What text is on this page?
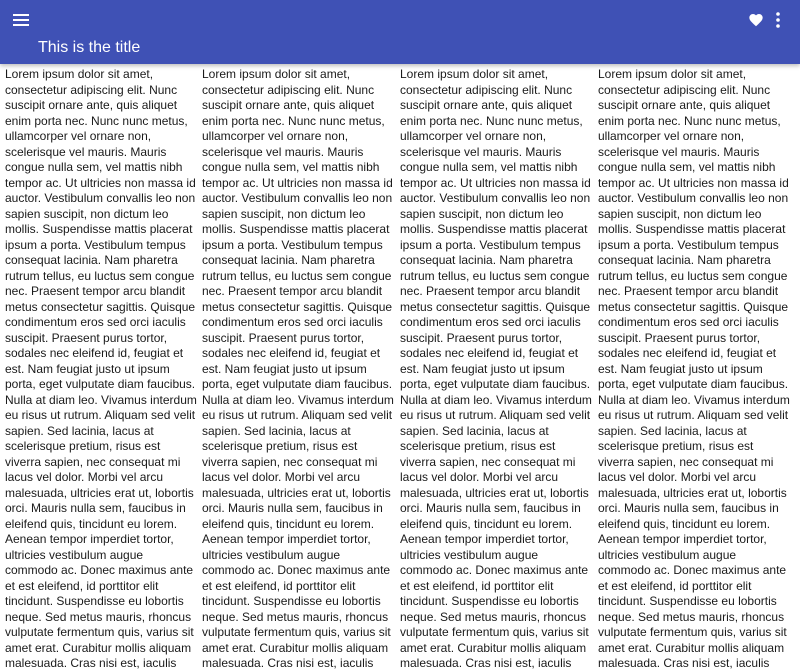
This is the title
Lorem ipsum dolor sit amet, consectetur adipiscing elit. Nunc suscipit ornare ante, quis aliquet enim porta nec. Nunc nunc metus, ullamcorper vel ornare non, scelerisque vel mauris. Mauris congue nulla sem, vel mattis nibh tempor ac. Ut ultricies non massa id auctor. Vestibulum convallis leo non sapien suscipit, non dictum leo mollis. Suspendisse mattis placerat ipsum a porta. Vestibulum tempus consequat lacinia. Nam pharetra rutrum tellus, eu luctus sem congue nec. Praesent tempor arcu blandit metus consectetur sagittis. Quisque condimentum eros sed orci iaculis suscipit. Praesent purus tortor, sodales nec eleifend id, feugiat et est. Nam feugiat justo ut ipsum porta, eget vulputate diam faucibus. Nulla at diam leo. Vivamus interdum eu risus ut rutrum. Aliquam sed velit sapien. Sed lacinia, lacus at scelerisque pretium, risus est viverra sapien, nec consequat mi lacus vel dolor. Morbi vel arcu malesuada, ultricies erat ut, lobortis orci. Mauris nulla sem, faucibus in eleifend quis, tincidunt eu lorem. Aenean tempor imperdiet tortor, ultricies vestibulum augue commodo ac. Donec maximus ante et est eleifend, id porttitor elit tincidunt. Suspendisse eu lobortis neque. Sed metus mauris, rhoncus vulputate fermentum quis, varius sit amet erat. Curabitur mollis aliquam malesuada. Cras nisi est, iaculis
Lorem ipsum dolor sit amet, consectetur adipiscing elit. Nunc suscipit ornare ante, quis aliquet enim porta nec. Nunc nunc metus, ullamcorper vel ornare non, scelerisque vel mauris. Mauris congue nulla sem, vel mattis nibh tempor ac. Ut ultricies non massa id auctor. Vestibulum convallis leo non sapien suscipit, non dictum leo mollis. Suspendisse mattis placerat ipsum a porta. Vestibulum tempus consequat lacinia. Nam pharetra rutrum tellus, eu luctus sem congue nec. Praesent tempor arcu blandit metus consectetur sagittis. Quisque condimentum eros sed orci iaculis suscipit. Praesent purus tortor, sodales nec eleifend id, feugiat et est. Nam feugiat justo ut ipsum porta, eget vulputate diam faucibus. Nulla at diam leo. Vivamus interdum eu risus ut rutrum. Aliquam sed velit sapien. Sed lacinia, lacus at scelerisque pretium, risus est viverra sapien, nec consequat mi lacus vel dolor. Morbi vel arcu malesuada, ultricies erat ut, lobortis orci. Mauris nulla sem, faucibus in eleifend quis, tincidunt eu lorem. Aenean tempor imperdiet tortor, ultricies vestibulum augue commodo ac. Donec maximus ante et est eleifend, id porttitor elit tincidunt. Suspendisse eu lobortis neque. Sed metus mauris, rhoncus vulputate fermentum quis, varius sit amet erat. Curabitur mollis aliquam malesuada. Cras nisi est, iaculis
Lorem ipsum dolor sit amet, consectetur adipiscing elit. Nunc suscipit ornare ante, quis aliquet enim porta nec. Nunc nunc metus, ullamcorper vel ornare non, scelerisque vel mauris. Mauris congue nulla sem, vel mattis nibh tempor ac. Ut ultricies non massa id auctor. Vestibulum convallis leo non sapien suscipit, non dictum leo mollis. Suspendisse mattis placerat ipsum a porta. Vestibulum tempus consequat lacinia. Nam pharetra rutrum tellus, eu luctus sem congue nec. Praesent tempor arcu blandit metus consectetur sagittis. Quisque condimentum eros sed orci iaculis suscipit. Praesent purus tortor, sodales nec eleifend id, feugiat et est. Nam feugiat justo ut ipsum porta, eget vulputate diam faucibus. Nulla at diam leo. Vivamus interdum eu risus ut rutrum. Aliquam sed velit sapien. Sed lacinia, lacus at scelerisque pretium, risus est viverra sapien, nec consequat mi lacus vel dolor. Morbi vel arcu malesuada, ultricies erat ut, lobortis orci. Mauris nulla sem, faucibus in eleifend quis, tincidunt eu lorem. Aenean tempor imperdiet tortor, ultricies vestibulum augue commodo ac. Donec maximus ante et est eleifend, id porttitor elit tincidunt. Suspendisse eu lobortis neque. Sed metus mauris, rhoncus vulputate fermentum quis, varius sit amet erat. Curabitur mollis aliquam malesuada. Cras nisi est, iaculis
Lorem ipsum dolor sit amet, consectetur adipiscing elit. Nunc suscipit ornare ante, quis aliquet enim porta nec. Nunc nunc metus, ullamcorper vel ornare non, scelerisque vel mauris. Mauris congue nulla sem, vel mattis nibh tempor ac. Ut ultricies non massa id auctor. Vestibulum convallis leo non sapien suscipit, non dictum leo mollis. Suspendisse mattis placerat ipsum a porta. Vestibulum tempus consequat lacinia. Nam pharetra rutrum tellus, eu luctus sem congue nec. Praesent tempor arcu blandit metus consectetur sagittis. Quisque condimentum eros sed orci iaculis suscipit. Praesent purus tortor, sodales nec eleifend id, feugiat et est. Nam feugiat justo ut ipsum porta, eget vulputate diam faucibus. Nulla at diam leo. Vivamus interdum eu risus ut rutrum. Aliquam sed velit sapien. Sed lacinia, lacus at scelerisque pretium, risus est viverra sapien, nec consequat mi lacus vel dolor. Morbi vel arcu malesuada, ultricies erat ut, lobortis orci. Mauris nulla sem, faucibus in eleifend quis, tincidunt eu lorem. Aenean tempor imperdiet tortor, ultricies vestibulum augue commodo ac. Donec maximus ante et est eleifend, id porttitor elit tincidunt. Suspendisse eu lobortis neque. Sed metus mauris, rhoncus vulputate fermentum quis, varius sit amet erat. Curabitur mollis aliquam malesuada. Cras nisi est, iaculis
